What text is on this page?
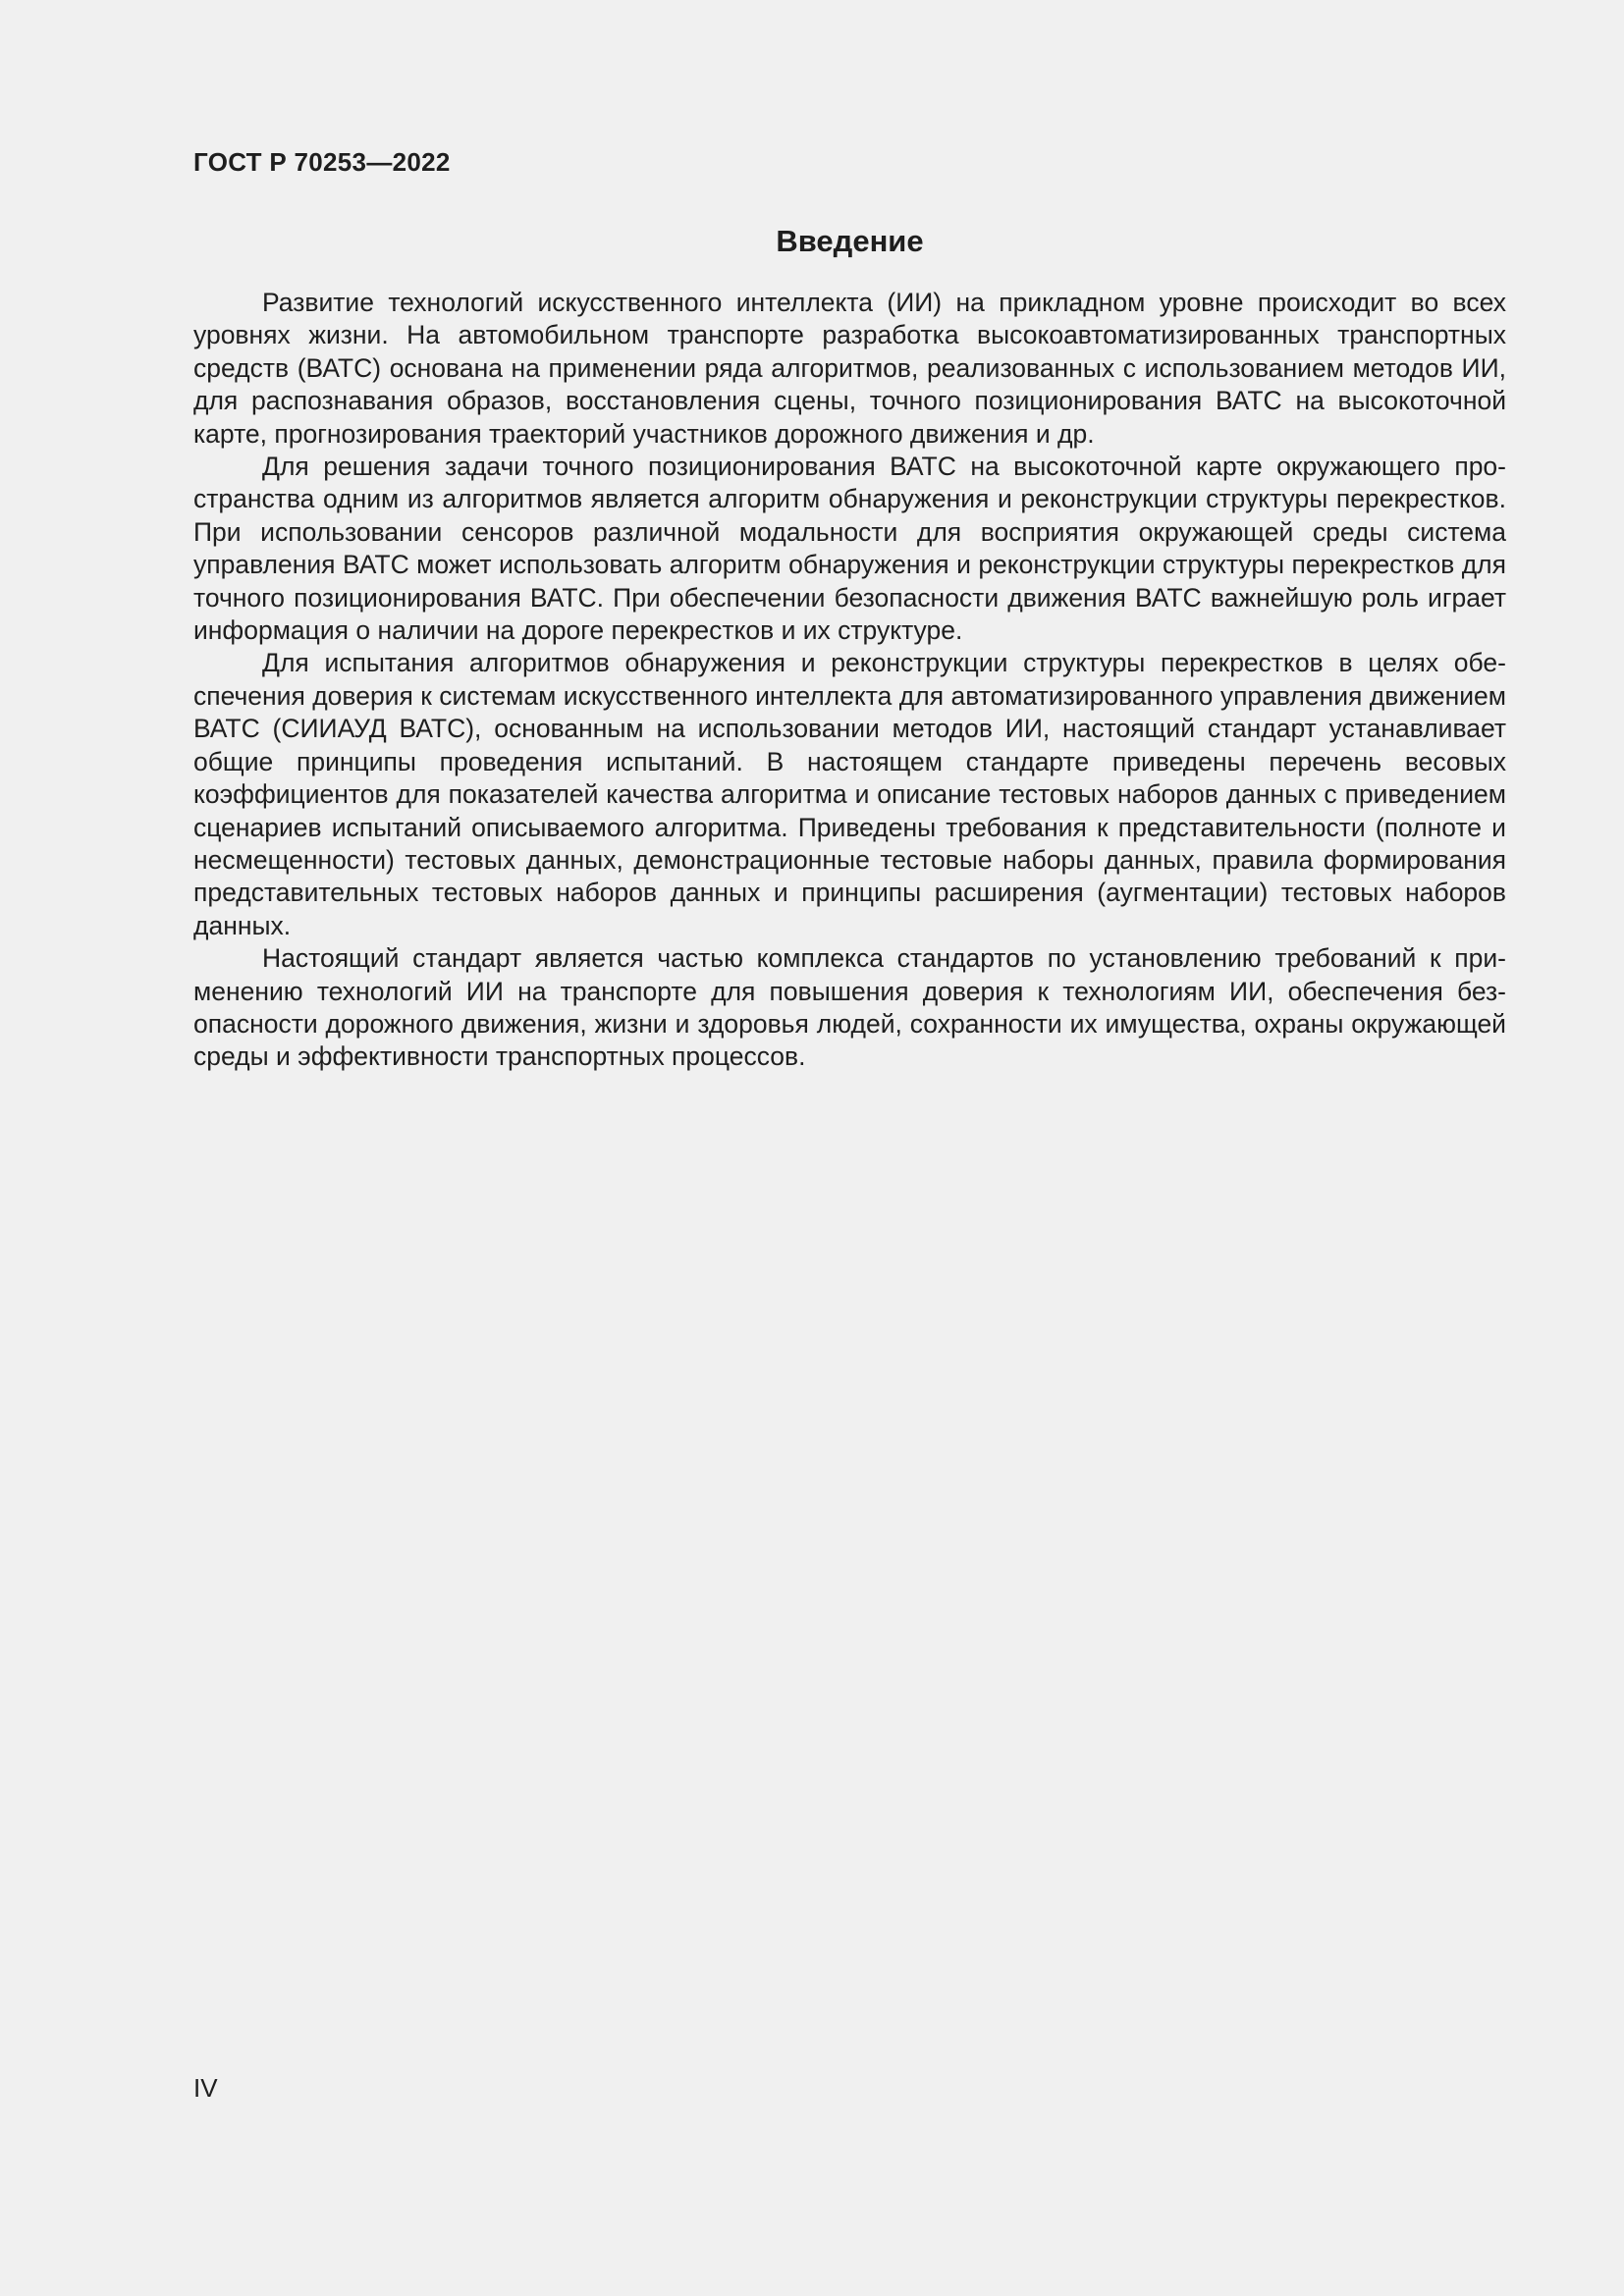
ГОСТ Р 70253—2022
Введение

Развитие технологий искусственного интеллекта (ИИ) на прикладном уровне происходит во всех уровнях жизни. На автомобильном транспорте разработка высокоавтоматизированных транспортных средств (ВАТС) основана на применении ряда алгоритмов, реализованных с использованием методов ИИ, для распознавания образов, восстановления сцены, точного позиционирования ВАТС на высокоточной карте, прогнозирования траекторий участников дорожного движения и др.

Для решения задачи точного позиционирования ВАТС на высокоточной карте окружающего пространства одним из алгоритмов является алгоритм обнаружения и реконструкции структуры перекрестков. При использовании сенсоров различной модальности для восприятия окружающей среды система управления ВАТС может использовать алгоритм обнаружения и реконструкции структуры перекрестков для точного позиционирования ВАТС. При обеспечении безопасности движения ВАТС важнейшую роль играет информация о наличии на дороге перекрестков и их структуре.

Для испытания алгоритмов обнаружения и реконструкции структуры перекрестков в целях обеспечения доверия к системам искусственного интеллекта для автоматизированного управления движением ВАТС (СИИАУД ВАТС), основанным на использовании методов ИИ, настоящий стандарт устанавливает общие принципы проведения испытаний. В настоящем стандарте приведены перечень весовых коэффициентов для показателей качества алгоритма и описание тестовых наборов данных с приведением сценариев испытаний описываемого алгоритма. Приведены требования к представительности (полноте и несмещенности) тестовых данных, демонстрационные тестовые наборы данных, правила формирования представительных тестовых наборов данных и принципы расширения (аугментации) тестовых наборов данных.

Настоящий стандарт является частью комплекса стандартов по установлению требований к применению технологий ИИ на транспорте для повышения доверия к технологиям ИИ, обеспечения безопасности дорожного движения, жизни и здоровья людей, сохранности их имущества, охраны окружающей среды и эффективности транспортных процессов.

IV
